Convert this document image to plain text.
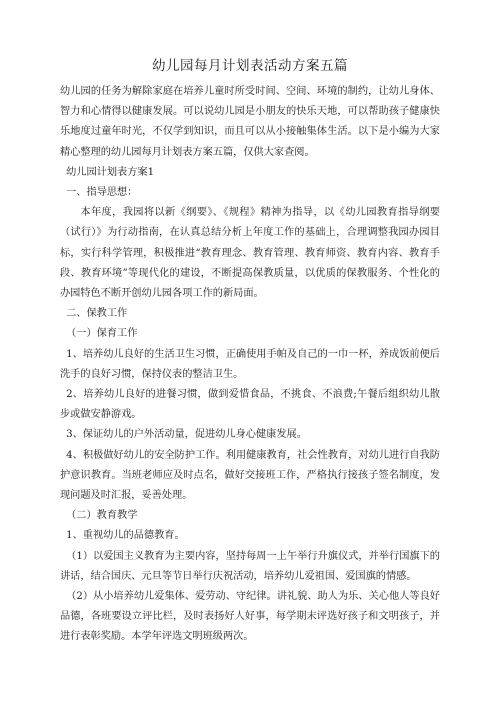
幼儿园每月计划表活动方案五篇

幼儿园的任务为解除家庭在培养儿童时所受时间、空间、环境的制约，让幼儿身体、智力和心情得以健康发展。可以说幼儿园是小朋友的快乐天地，可以帮助孩子健康快乐地度过童年时光，不仅学到知识，而且可以从小接触集体生活。以下是小编为大家精心整理的幼儿园每月计划表方案五篇，仅供大家查阅。

幼儿园计划表方案1

一、指导思想：

本年度，我园将以新《纲要》、《规程》精神为指导，以《幼儿园教育指导纲要（试行）》为行动指南，在认真总结分析上年度工作的基础上，合理调整我园办园目标，实行科学管理，积极推进“教育理念、教育管理、教育师资、教育内容、教育手段、教育环境”等现代化的建设，不断提高保教质量，以优质的保教服务、个性化的办园特色不断开创幼儿园各项工作的新局面。

二、保教工作

（一）保育工作

1、培养幼儿良好的生活卫生习惯，正确使用手帕及自己的一巾一杯，养成饭前便后洗手的良好习惯，保持仪表的整洁卫生。

2、培养幼儿良好的进餐习惯，做到爱惜食品，不挑食、不浪费;午餐后组织幼儿散步或做安静游戏。

3、保证幼儿的户外活动量，促进幼儿身心健康发展。

4、积极做好幼儿的安全防护工作。利用健康教育，社会性教育，对幼儿进行自我防护意识教育。当班老师应及时点名，做好交接班工作，严格执行接孩子签名制度，发现问题及时汇报，妥善处理。

（二）教育教学

1、重视幼儿的品德教育。

（1）以爱国主义教育为主要内容，坚持每周一上午举行升旗仪式，并举行国旗下的讲话，结合国庆、元旦等节日举行庆祝活动，培养幼儿爱祖国、爱国旗的情感。

（2）从小培养幼儿爱集体、爱劳动、守纪律。讲礼貌、助人为乐、关心他人等良好品德，各班要设立评比栏，及时表扬好人好事，每学期末评选好孩子和文明孩子，并进行表彰奖励。本学年评选文明班级两次。
